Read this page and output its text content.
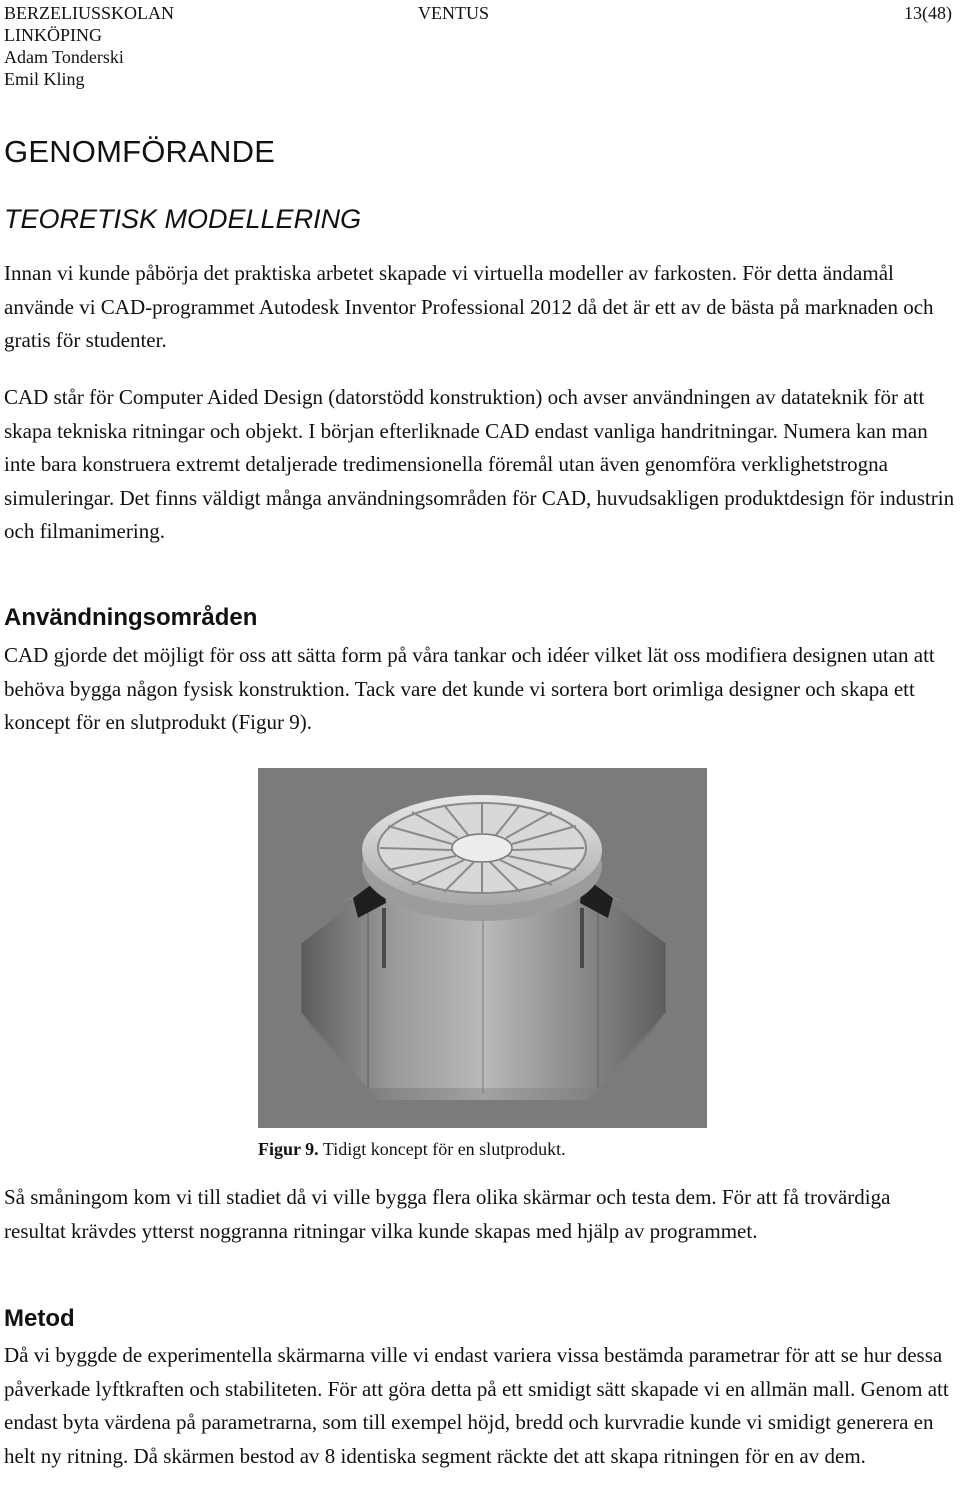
BERZELIUSSKOLAN
LINKÖPING
Adam Tonderski
Emil Kling
VENTUS	13(48)
GENOMFÖRANDE
TEORETISK MODELLERING

Innan vi kunde påbörja det praktiska arbetet skapade vi virtuella modeller av farkosten. För detta ändamål använde vi CAD-programmet Autodesk Inventor Professional 2012 då det är ett av de bästa på marknaden och gratis för studenter.

CAD står för Computer Aided Design (datorstödd konstruktion) och avser användningen av datateknik för att skapa tekniska ritningar och objekt. I början efterliknade CAD endast vanliga handritningar. Numera kan man inte bara konstruera extremt detaljerade tredimensionella föremål utan även genomföra verklighetstrogna simuleringar. Det finns väldigt många användningsområden för CAD, huvudsakligen produktdesign för industrin och filmanimering.

Användningsområden

CAD gjorde det möjligt för oss att sätta form på våra tankar och idéer vilket lät oss modifiera designen utan att behöva bygga någon fysisk konstruktion. Tack vare det kunde vi sortera bort orimliga designer och skapa ett koncept för en slutprodukt (Figur 9).

Figur 9. Tidigt koncept för en slutprodukt.

Så småningom kom vi till stadiet då vi ville bygga flera olika skärmar och testa dem. För att få trovärdiga resultat krävdes ytterst noggranna ritningar vilka kunde skapas med hjälp av programmet.

Metod

Då vi byggde de experimentella skärmarna ville vi endast variera vissa bestämda parametrar för att se hur dessa påverkade lyftkraften och stabiliteten. För att göra detta på ett smidigt sätt skapade vi en allmän mall. Genom att endast byta värdena på parametrarna, som till exempel höjd, bredd och kurvradie kunde vi smidigt generera en helt ny ritning. Då skärmen bestod av 8 identiska segment räckte det att skapa ritningen för en av dem.
